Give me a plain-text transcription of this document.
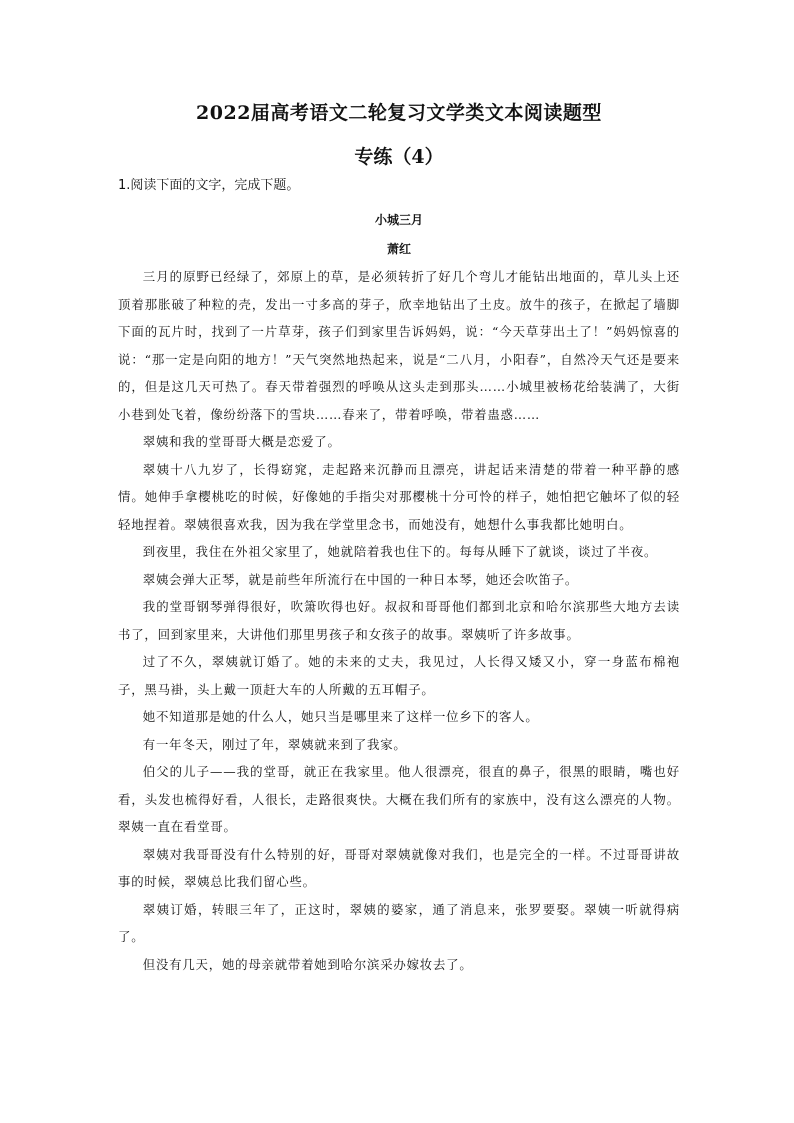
2022届高考语文二轮复习文学类文本阅读题型
专练（4）

1.阅读下面的文字，完成下题。

小城三月
萧红

三月的原野已经绿了，郊原上的草，是必须转折了好几个弯儿才能钻出地面的，草儿头上还顶着那胀破了种粒的壳，发出一寸多高的芽子，欣幸地钻出了土皮。放牛的孩子，在掀起了墙脚下面的瓦片时，找到了一片草芽，孩子们到家里告诉妈妈，说：“今天草芽出土了！”妈妈惊喜的说：“那一定是向阳的地方！”天气突然地热起来，说是“二八月，小阳春”，自然冷天气还是要来的，但是这几天可热了。春天带着强烈的呼唤从这头走到那头……小城里被杨花给装满了，大街小巷到处飞着，像纷纷落下的雪块……春来了，带着呼唤，带着蛊惑……

翠姨和我的堂哥哥大概是恋爱了。

翠姨十八九岁了，长得窈窕，走起路来沉静而且漂亮，讲起话来清楚的带着一种平静的感情。她伸手拿樱桃吃的时候，好像她的手指尖对那樱桃十分可怜的样子，她怕把它触坏了似的轻轻地捏着。翠姨很喜欢我，因为我在学堂里念书，而她没有，她想什么事我都比她明白。

到夜里，我住在外祖父家里了，她就陪着我也住下的。每每从睡下了就谈，谈过了半夜。

翠姨会弹大正琴，就是前些年所流行在中国的一种日本琴，她还会吹笛子。

我的堂哥钢琴弹得很好，吹箫吹得也好。叔叔和哥哥他们都到北京和哈尔滨那些大地方去读书了，回到家里来，大讲他们那里男孩子和女孩子的故事。翠姨听了许多故事。

过了不久，翠姨就订婚了。她的未来的丈夫，我见过，人长得又矮又小，穿一身蓝布棉袍子，黑马褂，头上戴一顶赶大车的人所戴的五耳帽子。

她不知道那是她的什么人，她只当是哪里来了这样一位乡下的客人。

有一年冬天，刚过了年，翠姨就来到了我家。

伯父的儿子——我的堂哥，就正在我家里。他人很漂亮，很直的鼻子，很黑的眼睛，嘴也好看，头发也梳得好看，人很长，走路很爽快。大概在我们所有的家族中，没有这么漂亮的人物。翠姨一直在看堂哥。

翠姨对我哥哥没有什么特别的好，哥哥对翠姨就像对我们，也是完全的一样。不过哥哥讲故事的时候，翠姨总比我们留心些。

翠姨订婚，转眼三年了，正这时，翠姨的婆家，通了消息来，张罗要娶。翠姨一听就得病了。

但没有几天，她的母亲就带着她到哈尔滨采办嫁妆去了。
